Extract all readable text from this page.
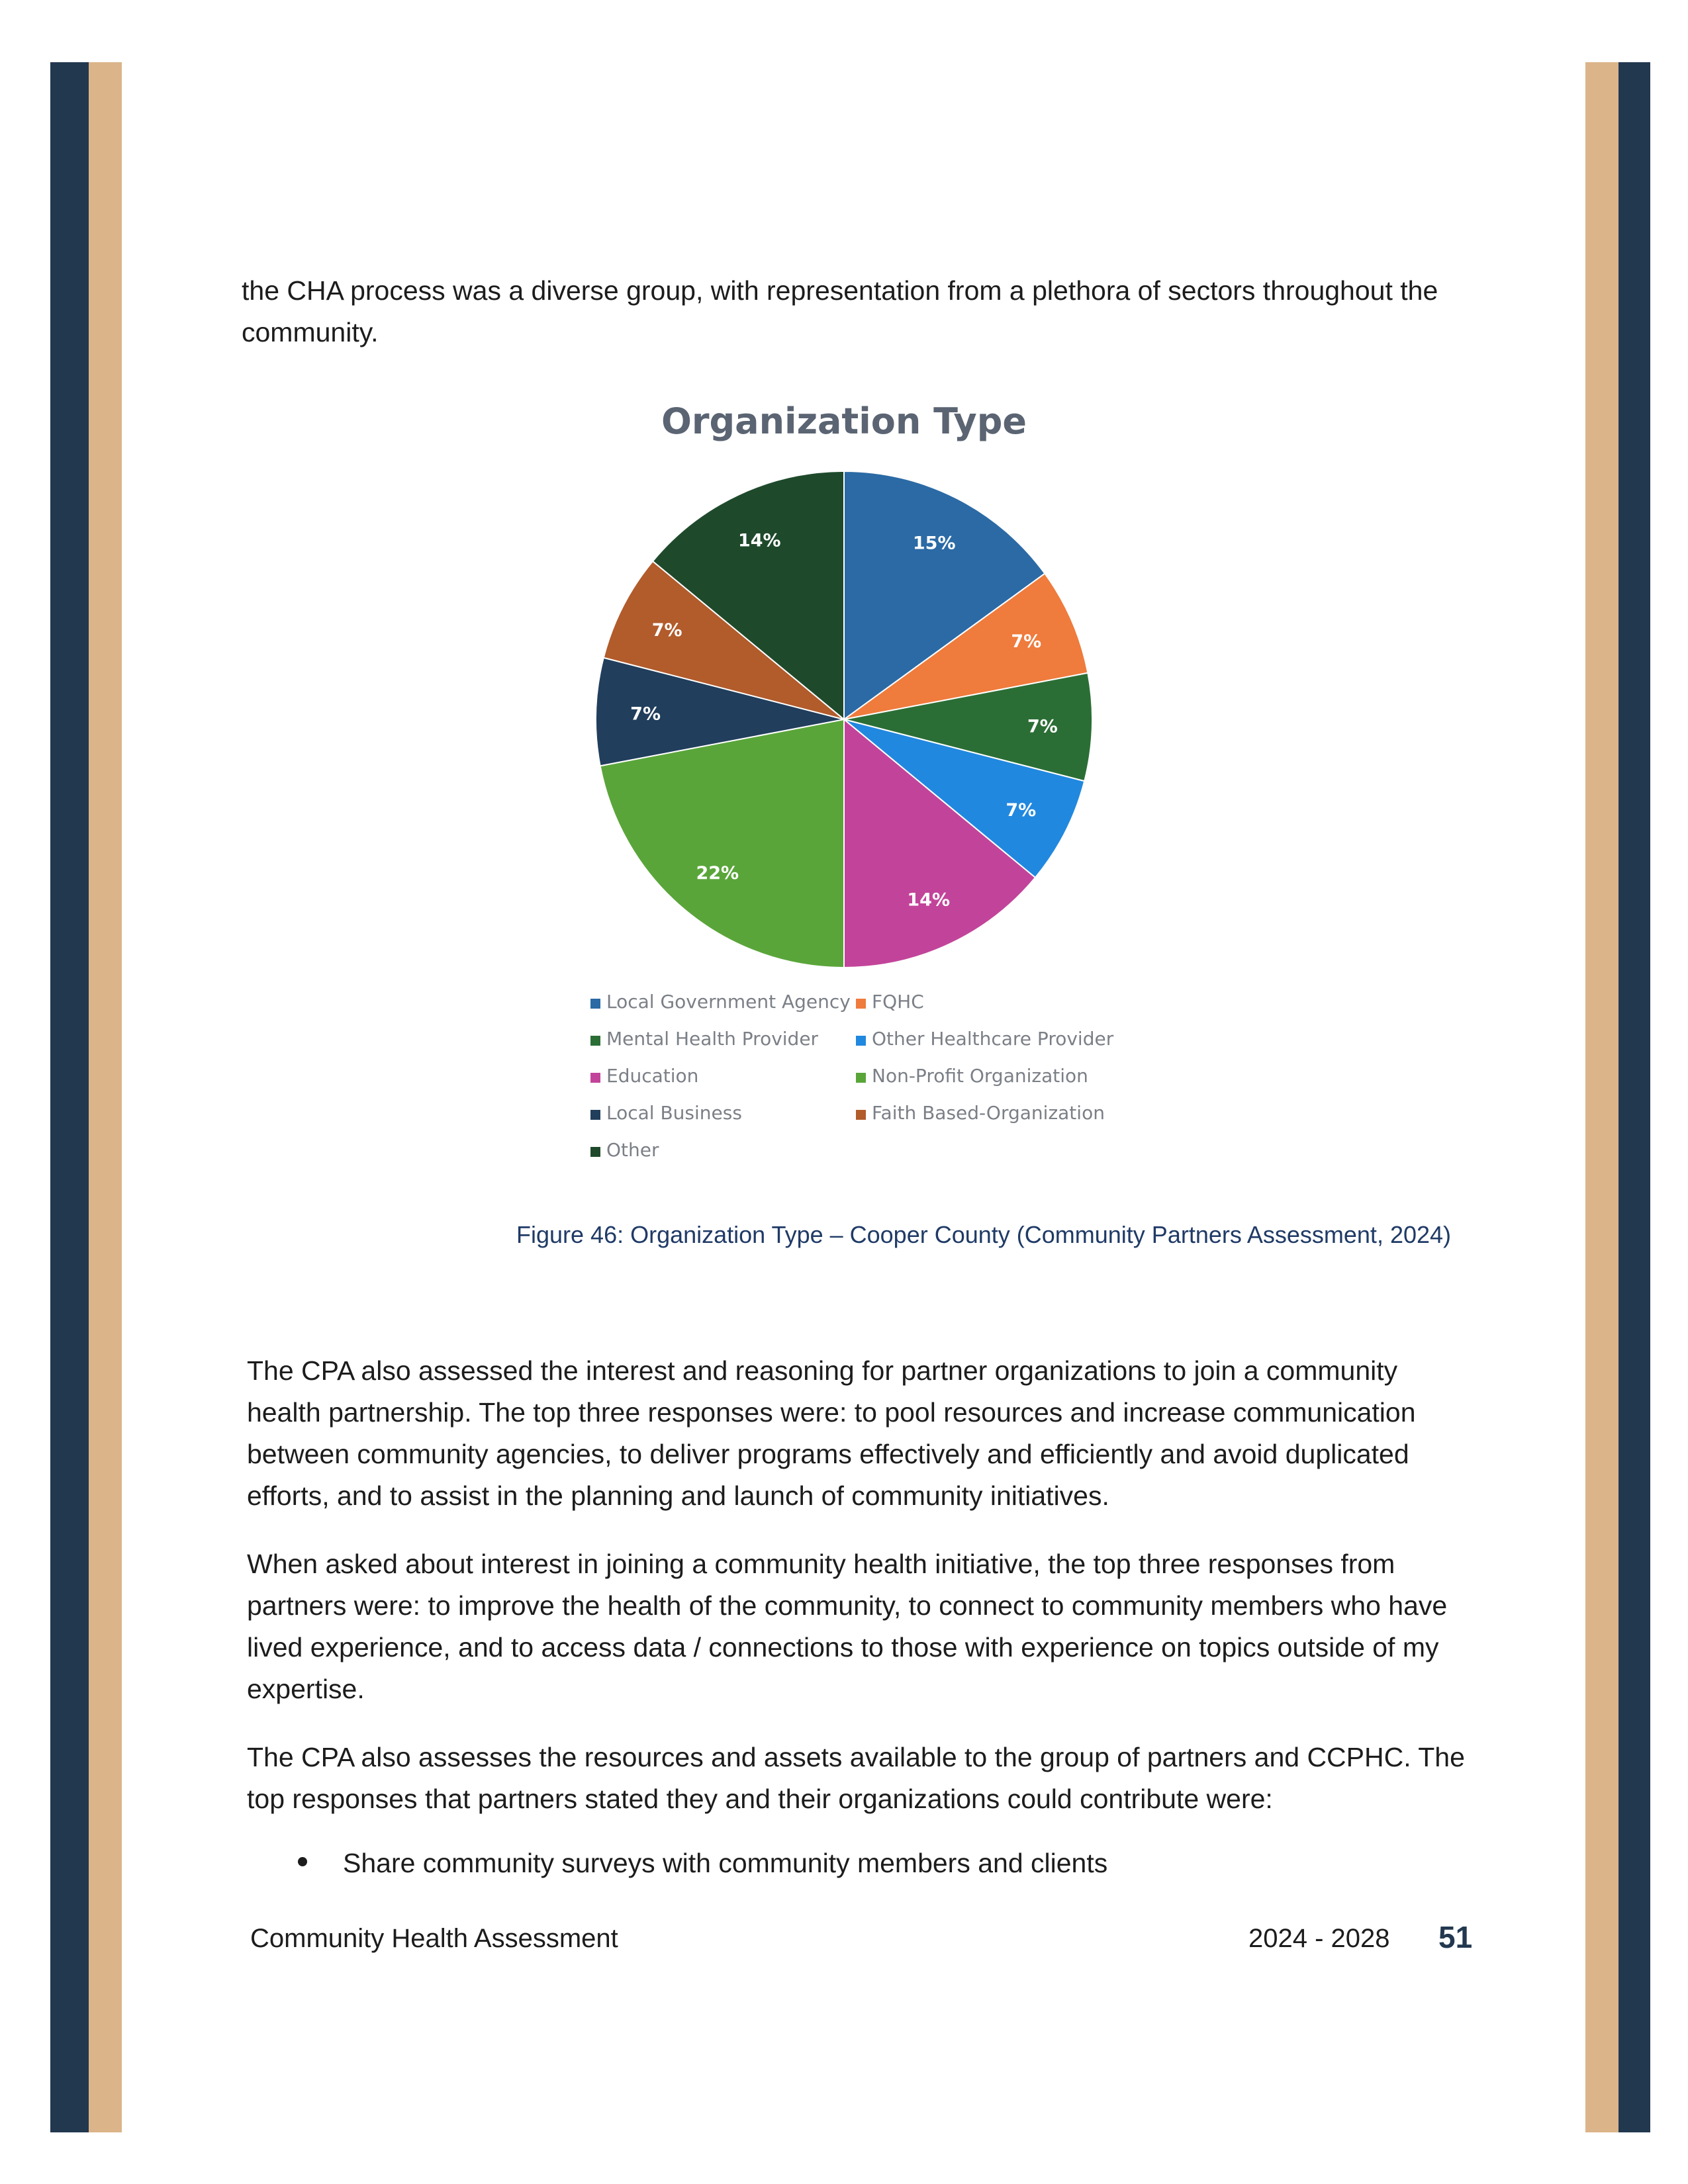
the CHA process was a diverse group, with representation from a plethora of sectors throughout the community.

Organization Type
15%
7%
7%
7%
14%
22%
7%
7%
14%
Local Government Agency FQHC
Mental Health Provider	Other Healthcare Provider
Education	Non-Profit Organization
Local Business	Faith Based-Organization
Other
Figure 46: Organization Type – Cooper County (Community Partners Assessment, 2024)

The CPA also assessed the interest and reasoning for partner organizations to join a community health partnership. The top three responses were: to pool resources and increase communication between community agencies, to deliver programs effectively and efficiently and avoid duplicated efforts, and to assist in the planning and launch of community initiatives.

When asked about interest in joining a community health initiative, the top three responses from partners were: to improve the health of the community, to connect to community members who have lived experience, and to access data / connections to those with experience on topics outside of my expertise.

The CPA also assesses the resources and assets available to the group of partners and CCPHC. The top responses that partners stated they and their organizations could contribute were:

Share community surveys with community members and clients
Community Health Assessment	2024 - 2028 51
